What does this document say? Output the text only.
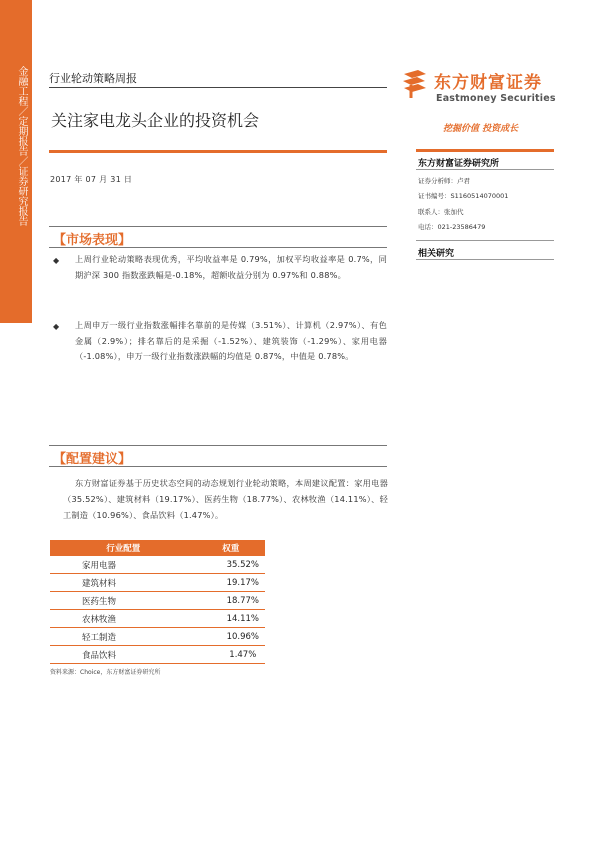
金融工程／定期报告／证券研究报告 行业轮动策略周报
关注家电龙头企业的投资机会
2017 年 07 月 31 日
东方财富证券
Eastmoney Securities
挖掘价值 投资成长
东方财富证券研究所
证券分析师：卢君
证书编号：S1160514070001
联系人：张加代
电话：021-23586479
相关研究
【市场表现】
◆ 上周行业轮动策略表现优秀，平均收益率是 0.79%，加权平均收益率是 0.7%，同期沪深 300 指数涨跌幅是-0.18%，超额收益分别为 0.97%和 0.88%。
◆ 上周申万一级行业指数涨幅排名靠前的是传媒（3.51%）、计算机（2.97%）、有色金属（2.9%）；排名靠后的是采掘（-1.52%）、建筑装饰（-1.29%）、家用电器（-1.08%），申万一级行业指数涨跌幅的均值是 0.87%，中值是 0.78%。
【配置建议】
东方财富证券基于历史状态空间的动态规划行业轮动策略，本周建议配置：家用电器（35.52%）、建筑材料（19.17%）、医药生物（18.77%）、农林牧渔（14.11%）、轻工制造（10.96%）、食品饮料（1.47%）。
行业配置	权重
家用电器	35.52%
建筑材料	19.17%
医药生物	18.77%
农林牧渔	14.11%
轻工制造	10.96%
食品饮料	1.47%
资料来源：Choice，东方财富证券研究所
